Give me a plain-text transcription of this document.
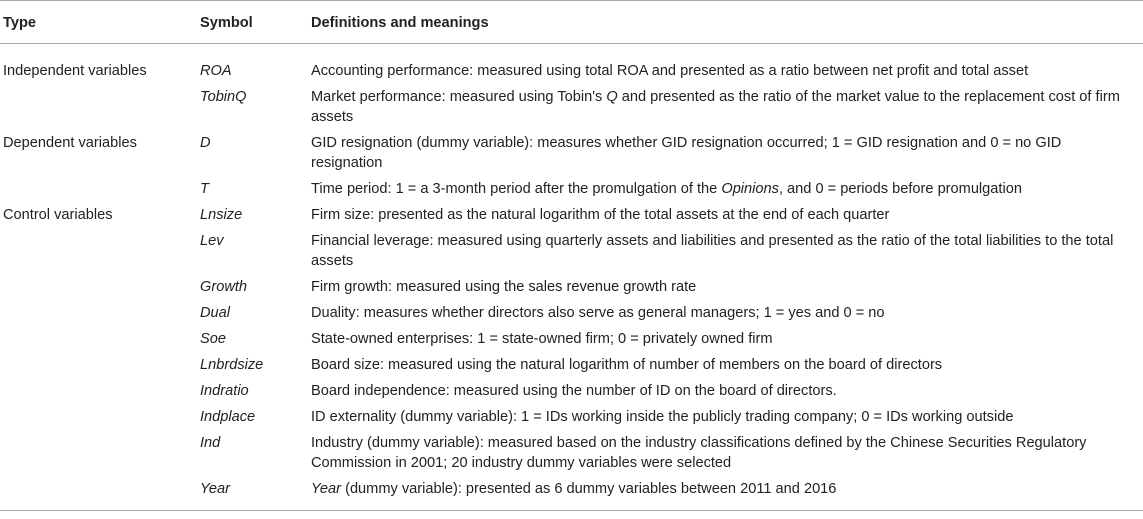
Type	Symbol	Definitions and meanings
Independent variables	ROA	Accounting performance: measured using total ROA and presented as a ratio between net profit and total asset
	TobinQ	Market performance: measured using Tobin's Q and presented as the ratio of the market value to the replacement cost of firm assets
Dependent variables	D	GID resignation (dummy variable): measures whether GID resignation occurred; 1 = GID resignation and 0 = no GID resignation
	T	Time period: 1 = a 3-month period after the promulgation of the Opinions, and 0 = periods before promulgation
Control variables	Lnsize	Firm size: presented as the natural logarithm of the total assets at the end of each quarter
	Lev	Financial leverage: measured using quarterly assets and liabilities and presented as the ratio of the total liabilities to the total assets
	Growth	Firm growth: measured using the sales revenue growth rate
	Dual	Duality: measures whether directors also serve as general managers; 1 = yes and 0 = no
	Soe	State-owned enterprises: 1 = state-owned firm; 0 = privately owned firm
	Lnbrdsize	Board size: measured using the natural logarithm of number of members on the board of directors
	Indratio	Board independence: measured using the number of ID on the board of directors.
	Indplace	ID externality (dummy variable): 1 = IDs working inside the publicly trading company; 0 = IDs working outside
	Ind	Industry (dummy variable): measured based on the industry classifications defined by the Chinese Securities Regulatory Commission in 2001; 20 industry dummy variables were selected
	Year	Year (dummy variable): presented as 6 dummy variables between 2011 and 2016
